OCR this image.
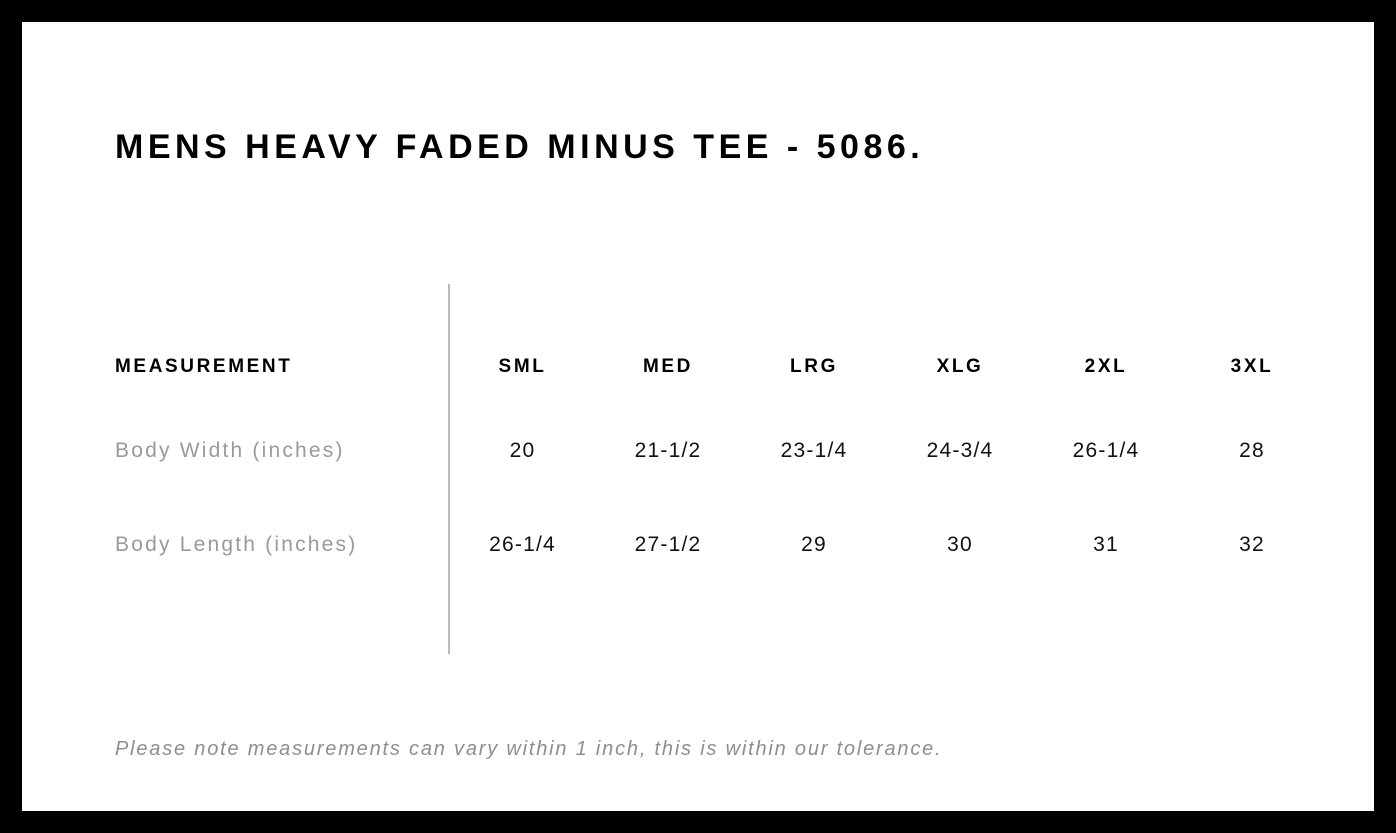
MENS HEAVY FADED MINUS TEE - 5086.

MEASUREMENT	SML	MED	LRG	XLG	2XL	3XL
Body Width (inches)	20	21-1/2	23-1/4	24-3/4	26-1/4	28
Body Length (inches)	26-1/4	27-1/2	29	30	31	32

Please note measurements can vary within 1 inch, this is within our tolerance.
